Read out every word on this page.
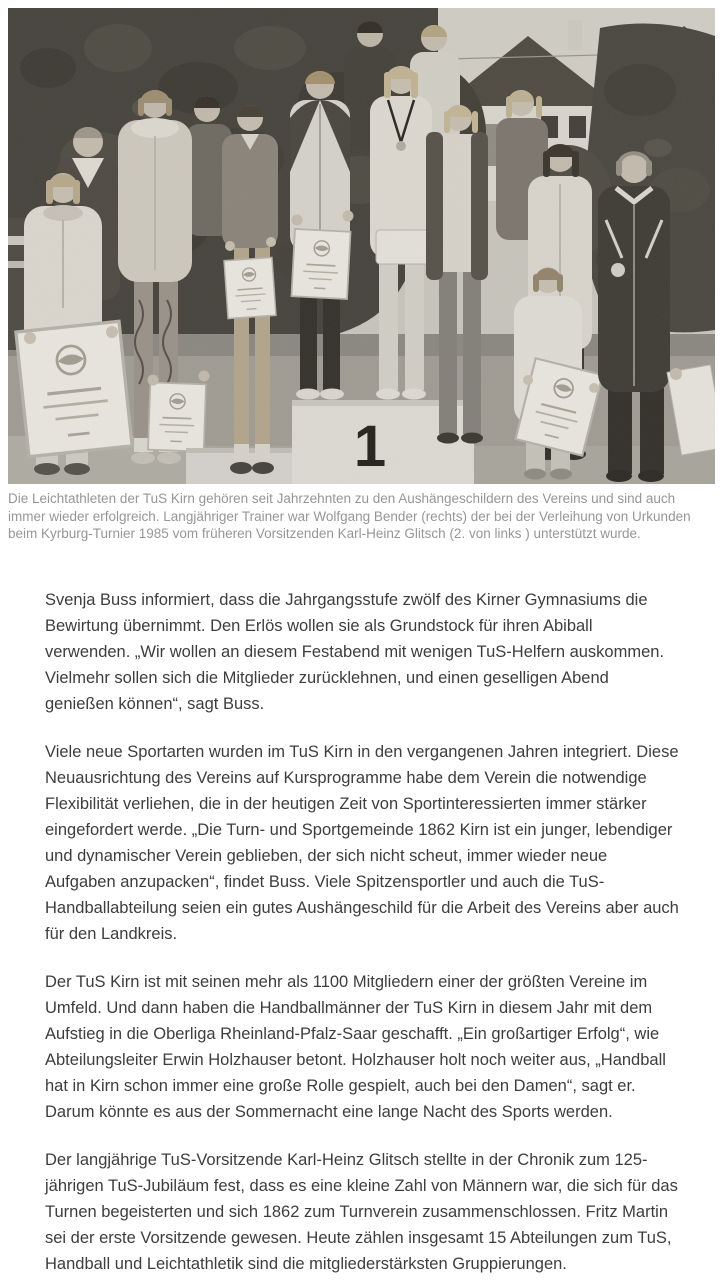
1
Die Leichtathleten der TuS Kirn gehören seit Jahrzehnten zu den Aushängeschildern des Vereins und sind auch immer wieder erfolgreich. Langjähriger Trainer war Wolfgang Bender (rechts) der bei der Verleihung von Urkunden beim Kyrburg-Turnier 1985 vom früheren Vorsitzenden Karl-Heinz Glitsch (2. von links ) unterstützt wurde.

Svenja Buss informiert, dass die Jahrgangsstufe zwölf des Kirner Gymnasiums die Bewirtung übernimmt. Den Erlös wollen sie als Grundstock für ihren Abiball verwenden. „Wir wollen an diesem Festabend mit wenigen TuS-Helfern auskommen. Vielmehr sollen sich die Mitglieder zurücklehnen, und einen geselligen Abend genießen können“, sagt Buss.

Viele neue Sportarten wurden im TuS Kirn in den vergangenen Jahren integriert. Diese Neuausrichtung des Vereins auf Kursprogramme habe dem Verein die notwendige Flexibilität verliehen, die in der heutigen Zeit von Sportinteressierten immer stärker eingefordert werde. „Die Turn- und Sportgemeinde 1862 Kirn ist ein junger, lebendiger und dynamischer Verein geblieben, der sich nicht scheut, immer wieder neue Aufgaben anzupacken“, findet Buss. Viele Spitzensportler und auch die TuS-Handballabteilung seien ein gutes Aushängeschild für die Arbeit des Vereins aber auch für den Landkreis.

Der TuS Kirn ist mit seinen mehr als 1100 Mitgliedern einer der größten Vereine im Umfeld. Und dann haben die Handballmänner der TuS Kirn in diesem Jahr mit dem Aufstieg in die Oberliga Rheinland-Pfalz-Saar geschafft. „Ein großartiger Erfolg“, wie Abteilungsleiter Erwin Holzhauser betont. Holzhauser holt noch weiter aus, „Handball hat in Kirn schon immer eine große Rolle gespielt, auch bei den Damen“, sagt er. Darum könnte es aus der Sommernacht eine lange Nacht des Sports werden.

Der langjährige TuS-Vorsitzende Karl-Heinz Glitsch stellte in der Chronik zum 125-jährigen TuS-Jubiläum fest, dass es eine kleine Zahl von Männern war, die sich für das Turnen begeisterten und sich 1862 zum Turnverein zusammenschlossen. Fritz Martin sei der erste Vorsitzende gewesen. Heute zählen insgesamt 15 Abteilungen zum TuS, Handball und Leichtathletik sind die mitgliederstärksten Gruppierungen.
